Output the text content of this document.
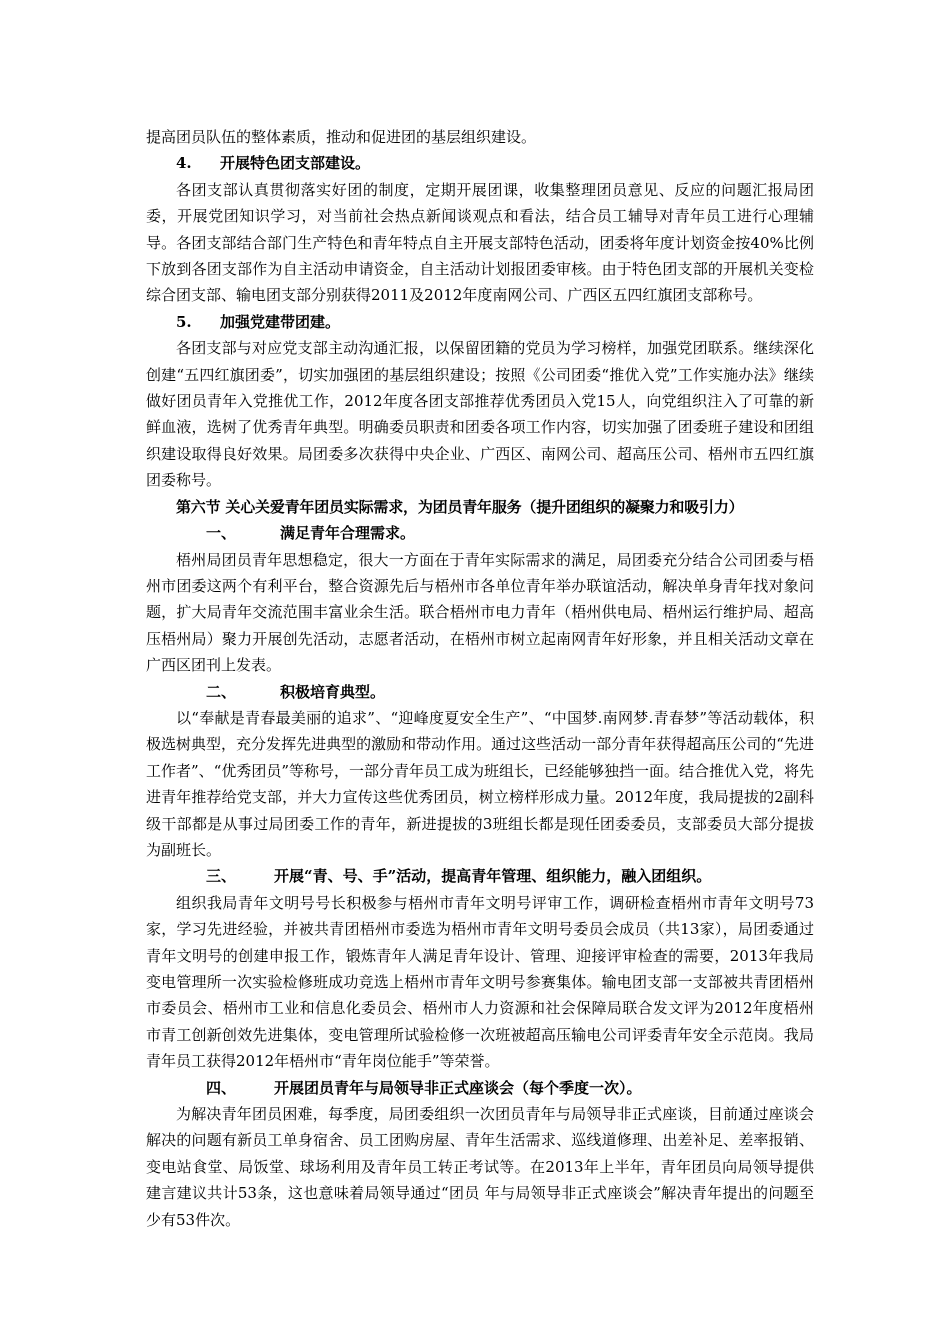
提高团员队伍的整体素质，推动和促进团的基层组织建设。

4. 开展特色团支部建设。

各团支部认真贯彻落实好团的制度，定期开展团课，收集整理团员意见、反应的问题汇报局团委，开展党团知识学习，对当前社会热点新闻谈观点和看法，结合员工辅导对青年员工进行心理辅导。各团支部结合部门生产特色和青年特点自主开展支部特色活动，团委将年度计划资金按40%比例下放到各团支部作为自主活动申请资金，自主活动计划报团委审核。由于特色团支部的开展机关变检综合团支部、输电团支部分别获得2011及2012年度南网公司、广西区五四红旗团支部称号。

5. 加强党建带团建。

各团支部与对应党支部主动沟通汇报，以保留团籍的党员为学习榜样，加强党团联系。继续深化创建“五四红旗团委”，切实加强团的基层组织建设；按照《公司团委“推优入党”工作实施办法》继续做好团员青年入党推优工作，2012年度各团支部推荐优秀团员入党15人，向党组织注入了可靠的新鲜血液，选树了优秀青年典型。明确委员职责和团委各项工作内容，切实加强了团委班子建设和团组织建设取得良好效果。局团委多次获得中央企业、广西区、南网公司、超高压公司、梧州市五四红旗团委称号。

第六节 关心关爱青年团员实际需求，为团员青年服务（提升团组织的凝聚力和吸引力）

一、	满足青年合理需求。

梧州局团员青年思想稳定，很大一方面在于青年实际需求的满足，局团委充分结合公司团委与梧州市团委这两个有利平台，整合资源先后与梧州市各单位青年举办联谊活动，解决单身青年找对象问题，扩大局青年交流范围丰富业余生活。联合梧州市电力青年（梧州供电局、梧州运行维护局、超高压梧州局）聚力开展创先活动，志愿者活动，在梧州市树立起南网青年好形象，并且相关活动文章在广西区团刊上发表。

二、	积极培育典型。

以“奉献是青春最美丽的追求”、“迎峰度夏安全生产”、“中国梦.南网梦.青春梦”等活动载体，积极选树典型，充分发挥先进典型的激励和带动作用。通过这些活动一部分青年获得超高压公司的“先进工作者”、“优秀团员”等称号，一部分青年员工成为班组长，已经能够独挡一面。结合推优入党，将先进青年推荐给党支部，并大力宣传这些优秀团员，树立榜样形成力量。2012年度，我局提拔的2副科级干部都是从事过局团委工作的青年，新进提拔的3班组长都是现任团委委员，支部委员大部分提拔为副班长。

三、	开展“青、号、手”活动，提高青年管理、组织能力，融入团组织。

组织我局青年文明号号长积极参与梧州市青年文明号评审工作，调研检查梧州市青年文明号73家，学习先进经验，并被共青团梧州市委选为梧州市青年文明号委员会成员（共13家），局团委通过青年文明号的创建申报工作，锻炼青年人满足青年设计、管理、迎接评审检查的需要，2013年我局变电管理所一次实验检修班成功竞选上梧州市青年文明号参赛集体。输电团支部一支部被共青团梧州市委员会、梧州市工业和信息化委员会、梧州市人力资源和社会保障局联合发文评为2012年度梧州市青工创新创效先进集体，变电管理所试验检修一次班被超高压输电公司评委青年安全示范岗。我局青年员工获得2012年梧州市“青年岗位能手”等荣誉。

四、	开展团员青年与局领导非正式座谈会（每个季度一次）。

为解决青年团员困难，每季度，局团委组织一次团员青年与局领导非正式座谈，目前通过座谈会解决的问题有新员工单身宿舍、员工团购房屋、青年生活需求、巡线道修理、出差补足、差率报销、变电站食堂、局饭堂、球场利用及青年员工转正考试等。在2013年上半年，青年团员向局领导提供建言建议共计53条，这也意味着局领导通过“团员 年与局领导非正式座谈会”解决青年提出的问题至少有53件次。
